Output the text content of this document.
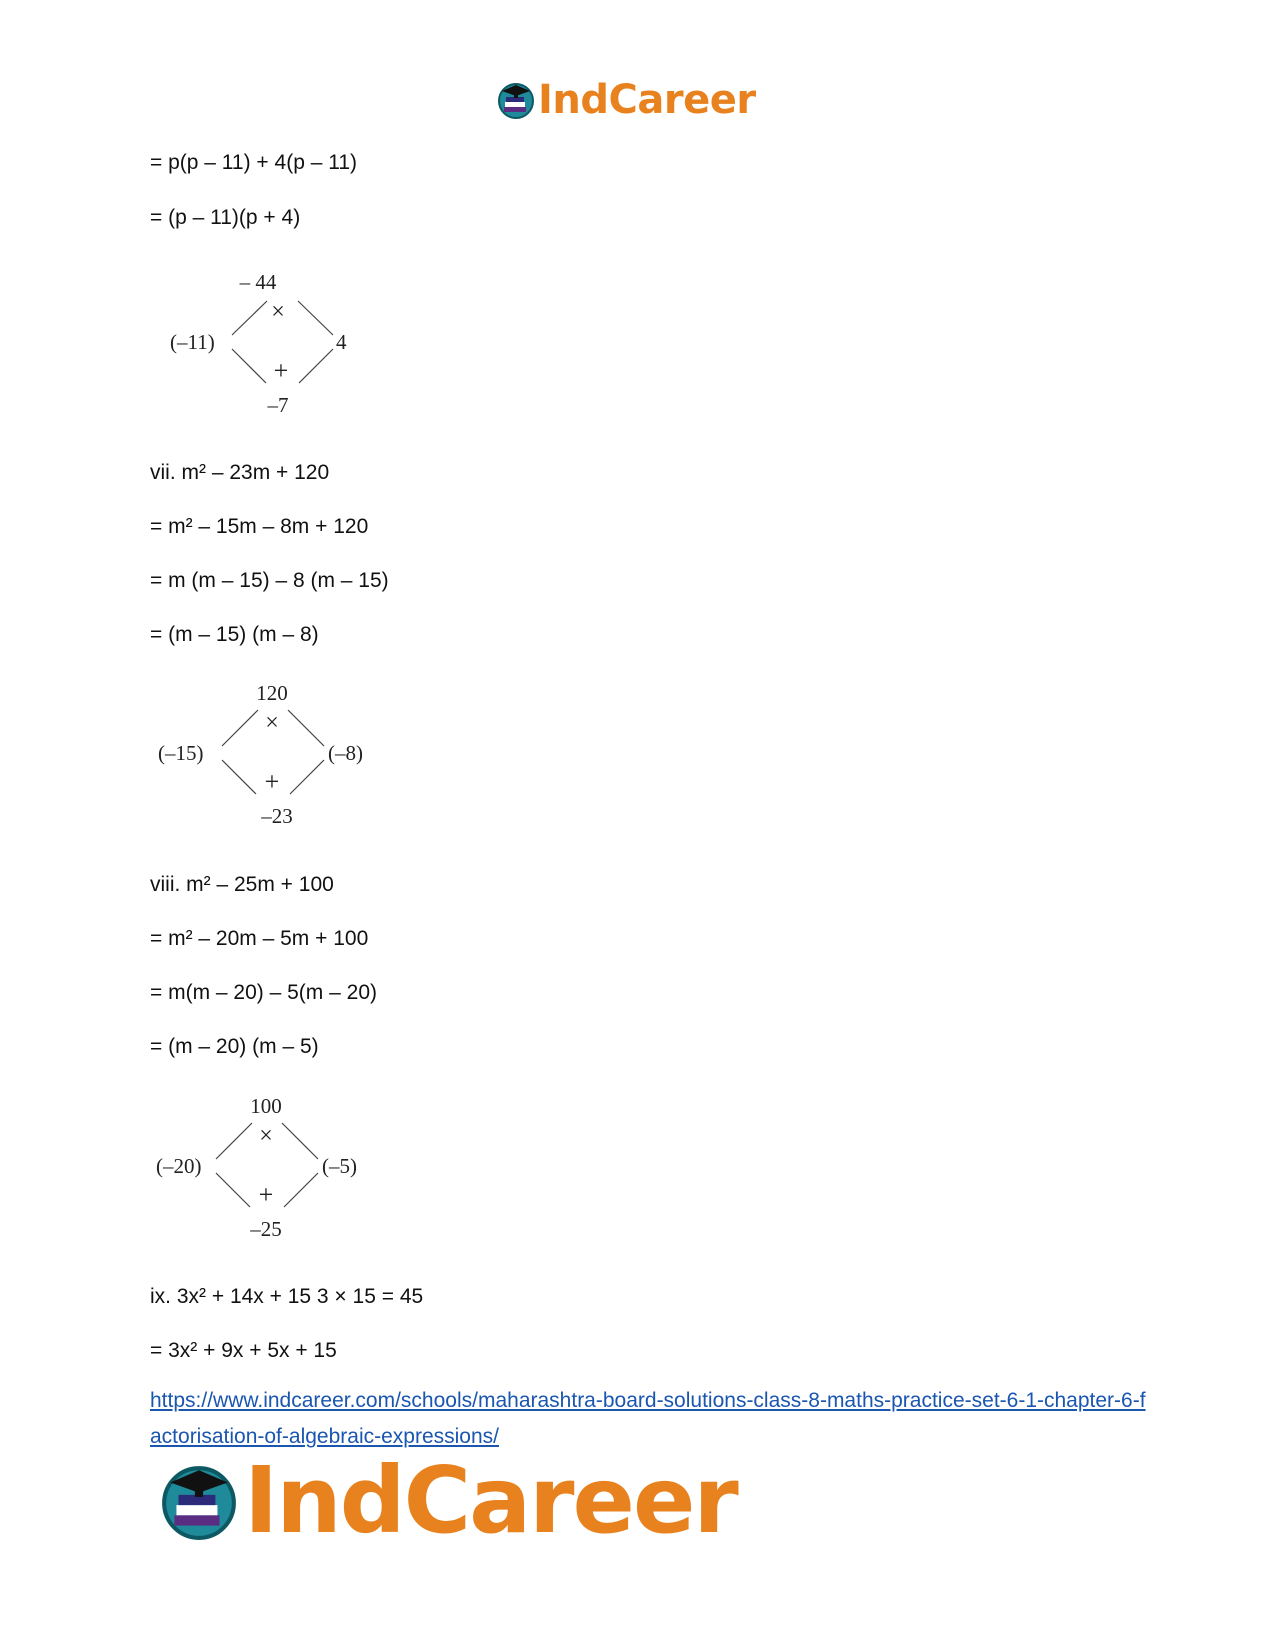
IndCareer
= p(p – 11) + 4(p – 11)
= (p – 11)(p + 4)
– 44
×
(–11)	4
+
–7
vii. m² – 23m + 120
= m² – 15m – 8m + 120
= m (m – 15) – 8 (m – 15)
= (m – 15) (m – 8)
120
×
(–15)	(–8)
+
–23
viii. m² – 25m + 100
= m² – 20m – 5m + 100
= m(m – 20) – 5(m – 20)
= (m – 20) (m – 5)
100
×
(–20)	(–5)
+
–25
ix. 3x² + 14x + 15 3 × 15 = 45
= 3x² + 9x + 5x + 15
https://www.indcareer.com/schools/maharashtra-board-solutions-class-8-maths-practice-set-6-1-chapter-6-factorisation-of-algebraic-expressions/
IndCareer
